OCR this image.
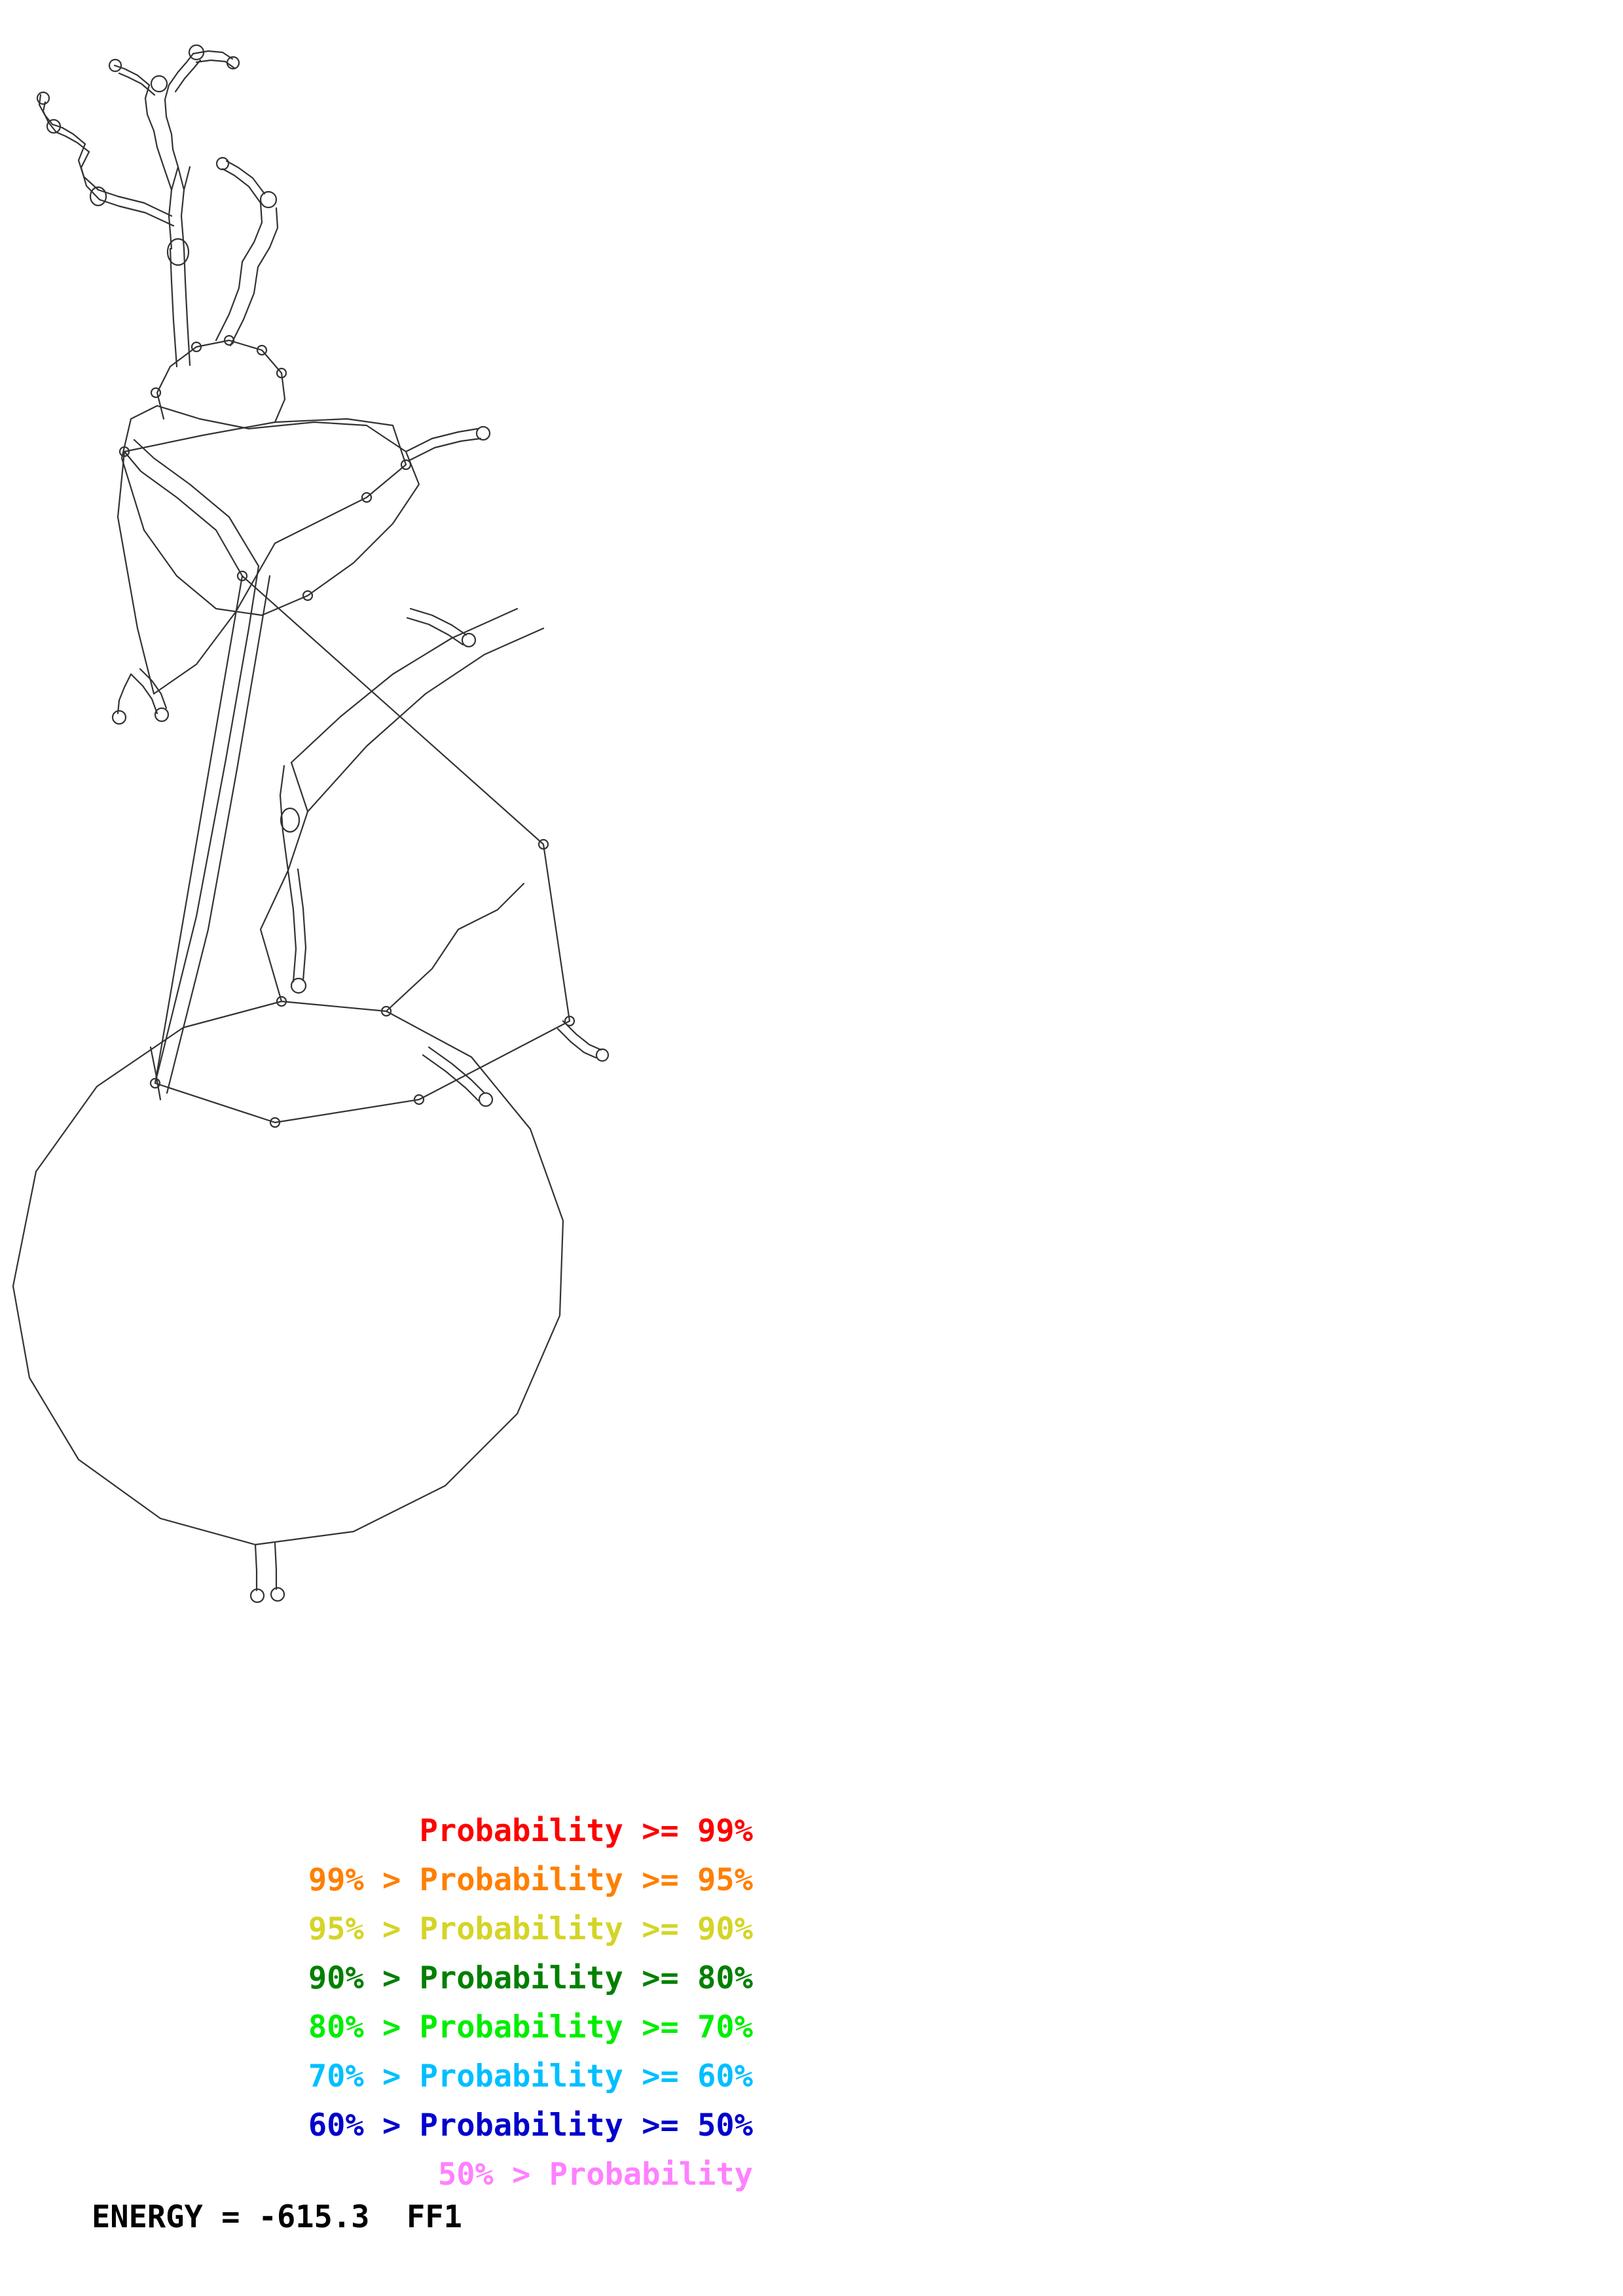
Probability >= 99%
99% > Probability >= 95%
95% > Probability >= 90%
90% > Probability >= 80%
80% > Probability >= 70%
70% > Probability >= 60%
60% > Probability >= 50%
50% > Probability
ENERGY = -615.3  FF1
